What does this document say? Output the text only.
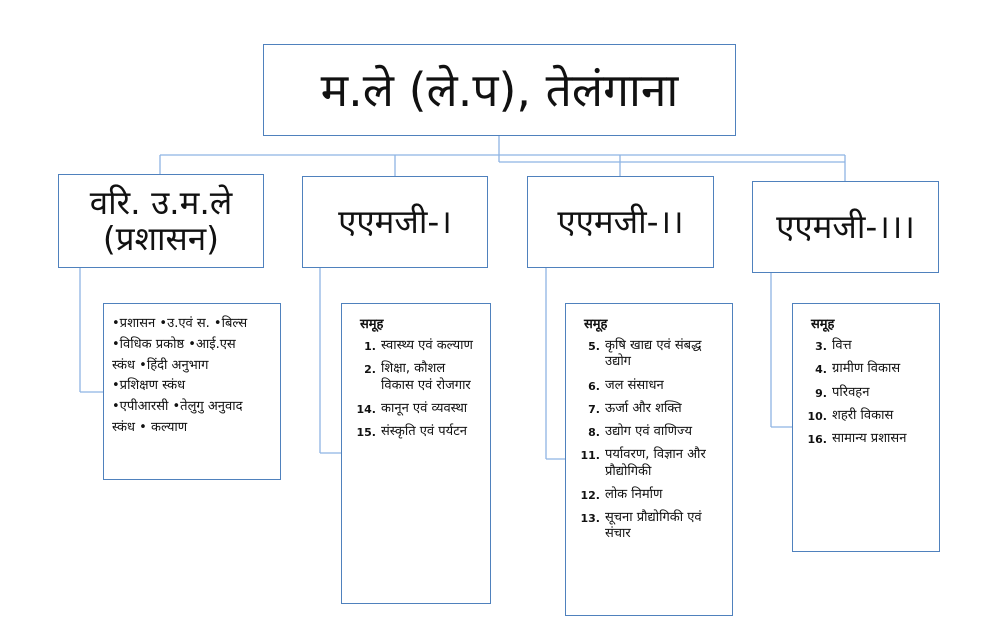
म.ले (ले.प), तेलंगाना
वरि. उ.म.ले
(प्रशासन)	एएमजी-।	एएमजी-।।	एएमजी-।।।
•प्रशासन •उ.एवं स. •बिल्स
•विधिक प्रकोष्ठ •आई.एस
स्कंध •हिंदी अनुभाग
•प्रशिक्षण स्कंध
•एपीआरसी •तेलुगु अनुवाद
स्कंध • कल्याण
समूह
1. स्वास्थ्य एवं कल्याण
2. शिक्षा, कौशल विकास एवं रोजगार
14. कानून एवं व्यवस्था
15. संस्कृति एवं पर्यटन
समूह
5. कृषि खाद्य एवं संबद्ध उद्योग
6. जल संसाधन
7. ऊर्जा और शक्ति
8. उद्योग एवं वाणिज्य
11. पर्यावरण, विज्ञान और प्रौद्योगिकी
12. लोक निर्माण
13. सूचना प्रौद्योगिकी एवं संचार
समूह
3. वित्त
4. ग्रामीण विकास
9. परिवहन
10. शहरी विकास
16. सामान्य प्रशासन
